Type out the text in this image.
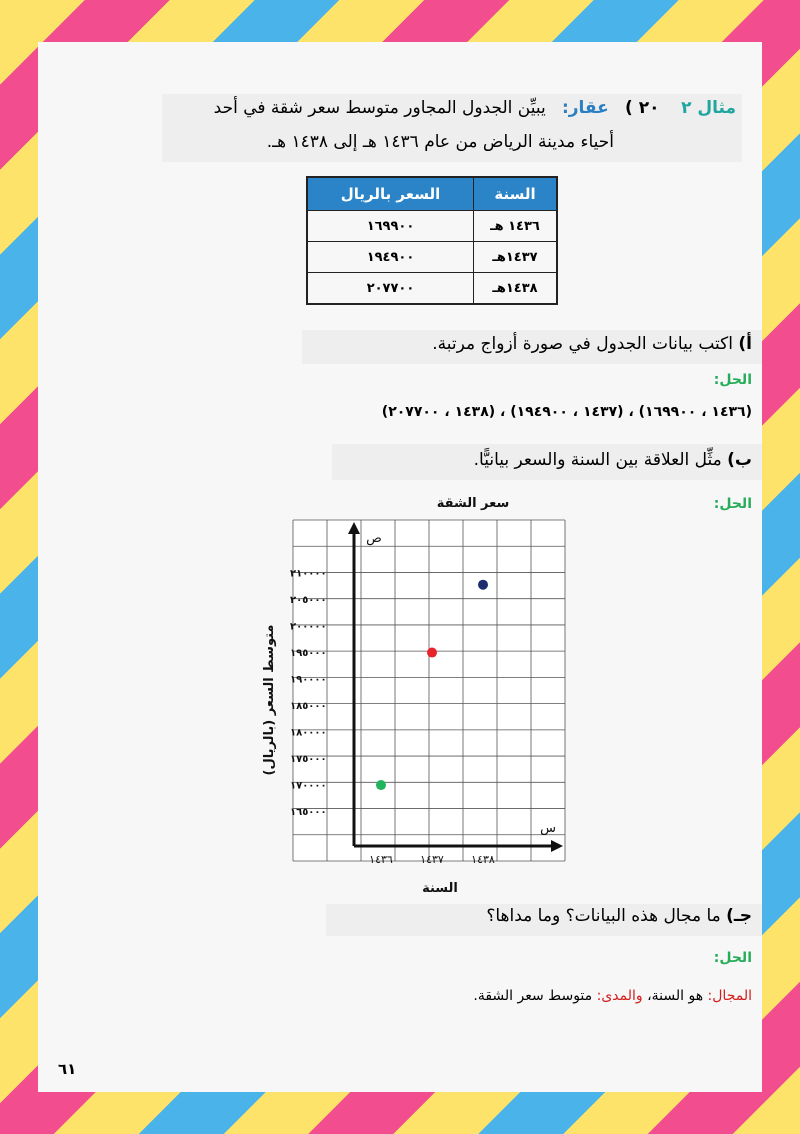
مثال ٢    ٢٠ )   عقار:   يبيِّن الجدول المجاور متوسط سعر شقة في أحد
أحياء مدينة الرياض من عام ١٤٣٦ هـ إلى ١٤٣٨ هـ.
السنة	السعر بالريال
١٤٣٦ هـ	١٦٩٩٠٠
١٤٣٧هـ	١٩٤٩٠٠
١٤٣٨هـ	٢٠٧٧٠٠
أ) اكتب بيانات الجدول في صورة أزواج مرتبة.
الحل:
(١٤٣٦ ، ١٦٩٩٠٠) ، (١٤٣٧ ، ١٩٤٩٠٠) ، (١٤٣٨ ، ٢٠٧٧٠٠)
ب) مثِّل العلاقة بين السنة والسعر بيانيًّا.
الحل:
سعر الشقة
ص
س
متوسط السعر (بالريال)
السنة
١٦٥٠٠٠
١٧٠٠٠٠
١٧٥٠٠٠
١٨٠٠٠٠
١٨٥٠٠٠
١٩٠٠٠٠
١٩٥٠٠٠
٢٠٠٠٠٠
٢٠٥٠٠٠
٢١٠٠٠٠
١٤٣٦ ١٤٣٧ ١٤٣٨
جـ) ما مجال هذه البيانات؟ وما مداها؟
الحل:
المجال: هو السنة، والمدى: متوسط سعر الشقة.
٦١
